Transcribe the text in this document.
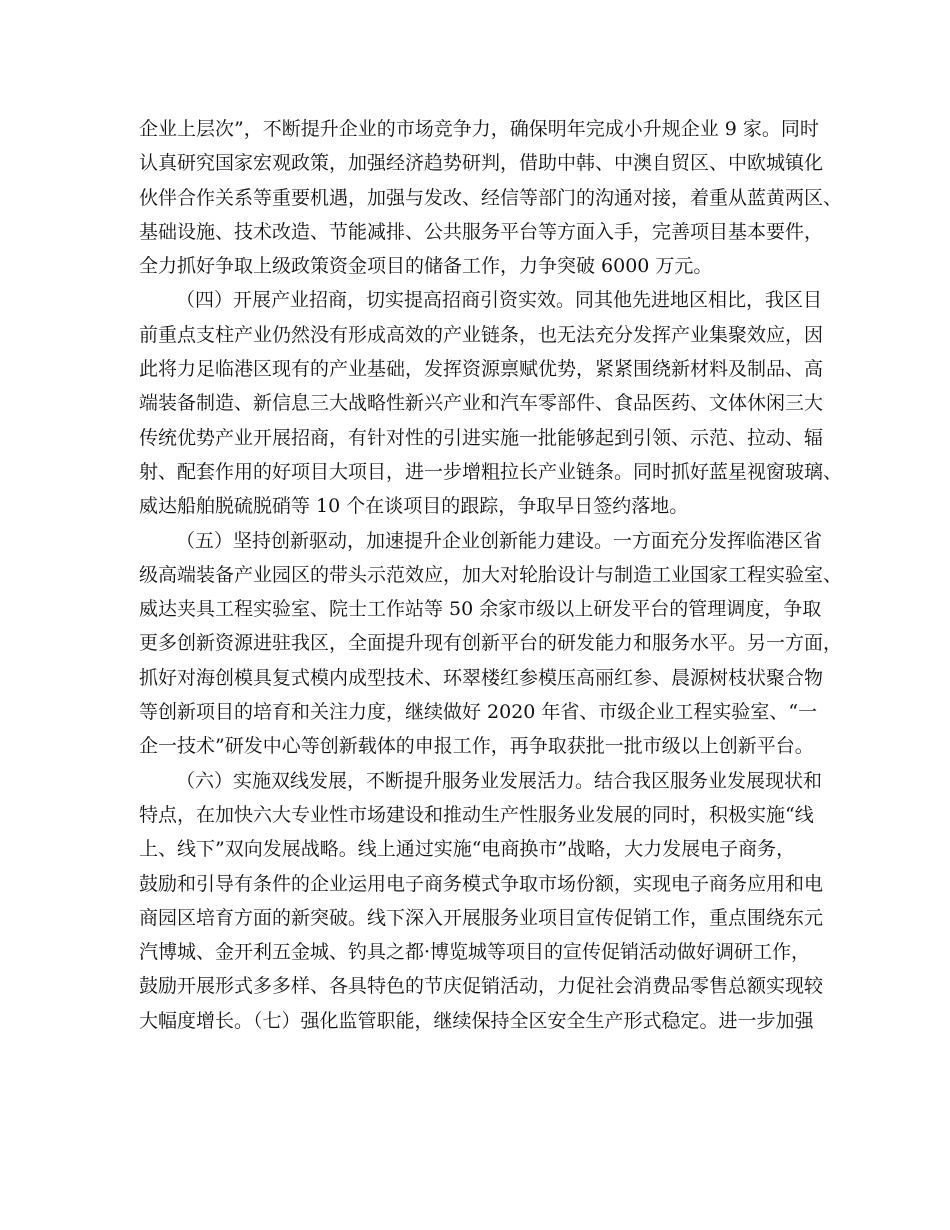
企业上层次”，不断提升企业的市场竞争力，确保明年完成小升规企业 9 家。同时
认真研究国家宏观政策，加强经济趋势研判，借助中韩、中澳自贸区、中欧城镇化
伙伴合作关系等重要机遇，加强与发改、经信等部门的沟通对接，着重从蓝黄两区、
基础设施、技术改造、节能减排、公共服务平台等方面入手，完善项目基本要件，
全力抓好争取上级政策资金项目的储备工作，力争突破 6000 万元。
（四）开展产业招商，切实提高招商引资实效。同其他先进地区相比，我区目
前重点支柱产业仍然没有形成高效的产业链条，也无法充分发挥产业集聚效应，因
此将力足临港区现有的产业基础，发挥资源禀赋优势，紧紧围绕新材料及制品、高
端装备制造、新信息三大战略性新兴产业和汽车零部件、食品医药、文体休闲三大
传统优势产业开展招商，有针对性的引进实施一批能够起到引领、示范、拉动、辐
射、配套作用的好项目大项目，进一步增粗拉长产业链条。同时抓好蓝星视窗玻璃、
威达船舶脱硫脱硝等 10 个在谈项目的跟踪，争取早日签约落地。
（五）坚持创新驱动，加速提升企业创新能力建设。一方面充分发挥临港区省
级高端装备产业园区的带头示范效应，加大对轮胎设计与制造工业国家工程实验室、
威达夹具工程实验室、院士工作站等 50 余家市级以上研发平台的管理调度，争取
更多创新资源进驻我区，全面提升现有创新平台的研发能力和服务水平。另一方面，
抓好对海创模具复式模内成型技术、环翠楼红参模压高丽红参、晨源树枝状聚合物
等创新项目的培育和关注力度，继续做好 2020 年省、市级企业工程实验室、“一
企一技术”研发中心等创新载体的申报工作，再争取获批一批市级以上创新平台。
（六）实施双线发展，不断提升服务业发展活力。结合我区服务业发展现状和
特点，在加快六大专业性市场建设和推动生产性服务业发展的同时，积极实施“线
上、线下”双向发展战略。线上通过实施“电商换市”战略，大力发展电子商务，
鼓励和引导有条件的企业运用电子商务模式争取市场份额，实现电子商务应用和电
商园区培育方面的新突破。线下深入开展服务业项目宣传促销工作，重点围绕东元
汽博城、金开利五金城、钓具之都·博览城等项目的宣传促销活动做好调研工作，
鼓励开展形式多多样、各具特色的节庆促销活动，力促社会消费品零售总额实现较
大幅度增长。（七）强化监管职能，继续保持全区安全生产形式稳定。进一步加强
